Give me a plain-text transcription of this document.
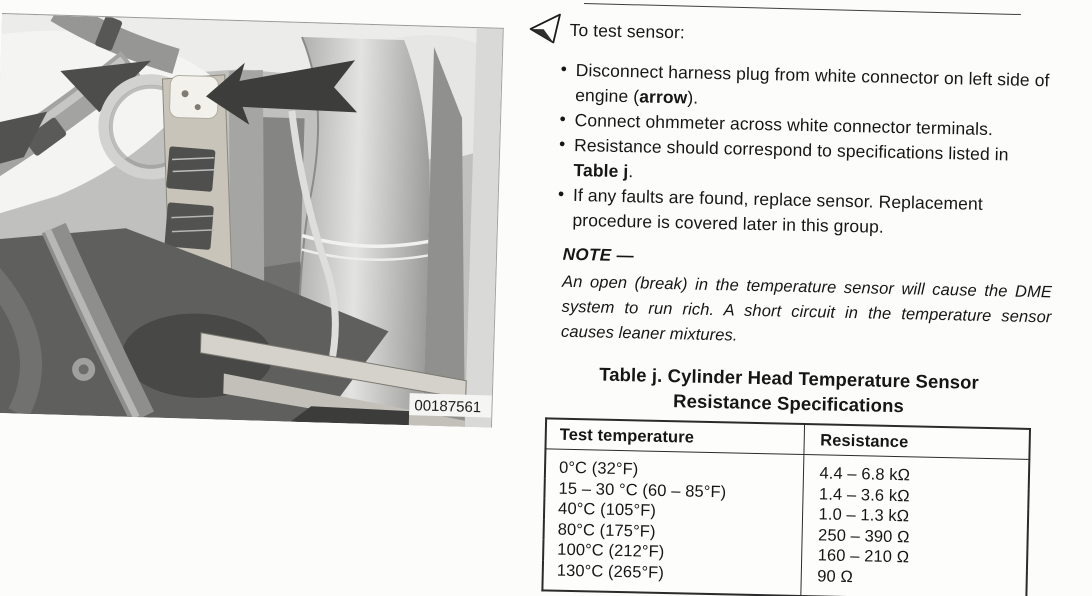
00187561
To test sensor:
• Disconnect harness plug from white connector on left side of engine (arrow).
• Connect ohmmeter across white connector terminals.
• Resistance should correspond to specifications listed in Table j.
• If any faults are found, replace sensor. Replacement procedure is covered later in this group.
NOTE —

An open (break) in the temperature sensor will cause the DME system to run rich. A short circuit in the temperature sensor causes leaner mixtures.

Table j. Cylinder Head Temperature Sensor Resistance Specifications
Test temperature	Resistance
0°C (32°F)	4.4 – 6.8 kΩ
15 – 30 °C (60 – 85°F)	1.4 – 3.6 kΩ
40°C (105°F)	1.0 – 1.3 kΩ
80°C (175°F)	250 – 390 Ω
100°C (212°F)	160 – 210 Ω
130°C (265°F)	90 Ω
